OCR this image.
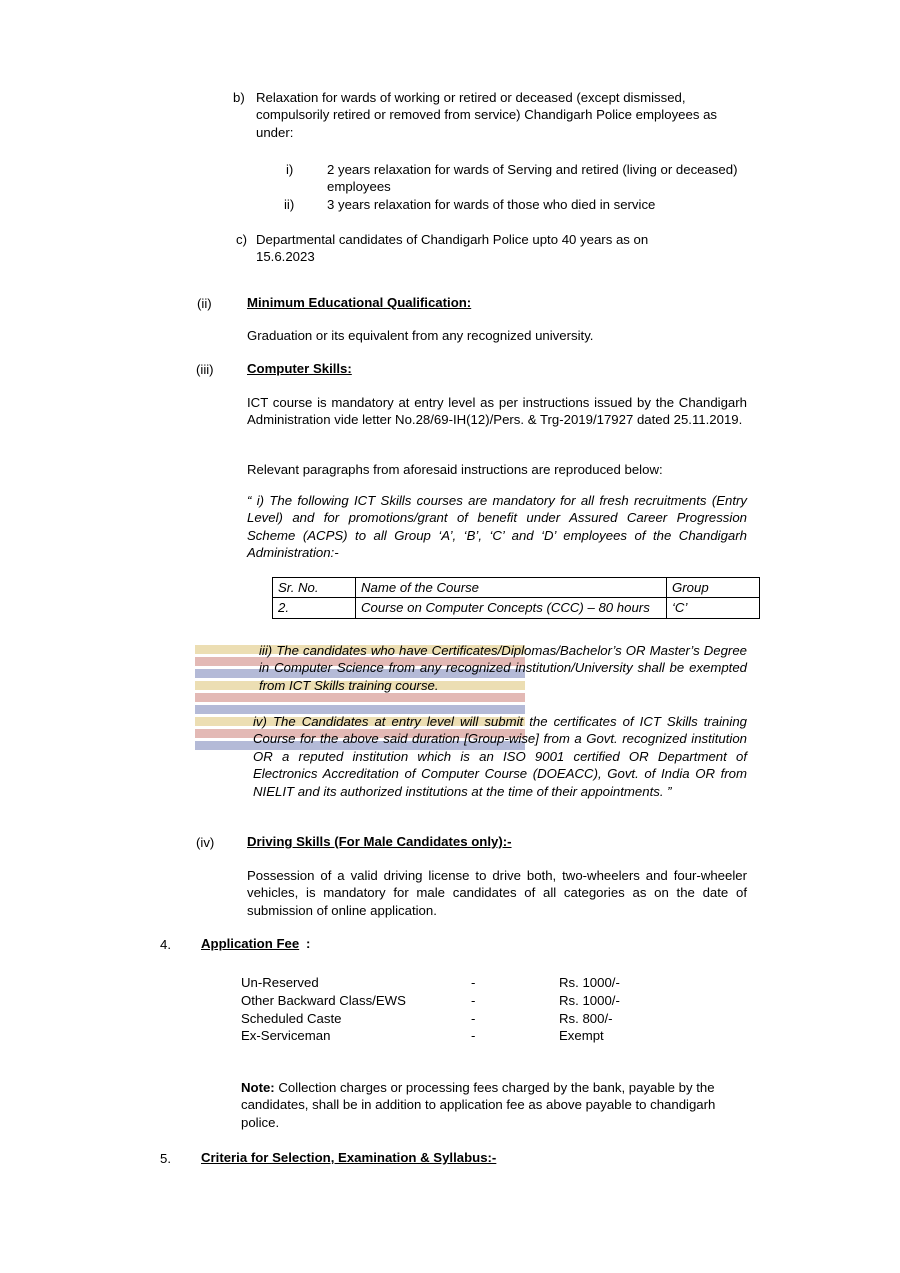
b) Relaxation for wards of working or retired or deceased (except dismissed, compulsorily retired or removed from service) Chandigarh Police employees as under:
i)	2 years relaxation for wards of Serving and retired (living or deceased) employees
ii)	3 years relaxation for wards of those who died in service
c) Departmental candidates of Chandigarh Police upto 40 years as on 15.6.2023
(ii)	Minimum Educational Qualification:
Graduation or its equivalent from any recognized university.
(iii)	Computer Skills:
ICT course is mandatory at entry level as per instructions issued by the Chandigarh Administration vide letter No.28/69-IH(12)/Pers. & Trg-2019/17927 dated 25.11.2019.
Relevant paragraphs from aforesaid instructions are reproduced below:
“ i) The following ICT Skills courses are mandatory for all fresh recruitments (Entry Level) and for promotions/grant of benefit under Assured Career Progression Scheme (ACPS) to all Group ‘A’, ‘B’, ‘C’ and ‘D’ employees of the Chandigarh Administration:-
Sr. No.	Name of the Course	Group
2.	Course on Computer Concepts (CCC) – 80 hours	‘C’
iii) The candidates who have Certificates/Diplomas/Bachelor’s OR Master’s Degree in Computer Science from any recognized institution/University shall be exempted from ICT Skills training course.
iv) The Candidates at entry level will submit the certificates of ICT Skills training Course for the above said duration [Group-wise] from a Govt. recognized institution OR a reputed institution which is an ISO 9001 certified OR Department of Electronics Accreditation of Computer Course (DOEACC), Govt. of India OR from NIELIT and its authorized institutions at the time of their appointments. ”
(iv)	Driving Skills (For Male Candidates only):-
Possession of a valid driving license to drive both, two-wheelers and four-wheeler vehicles, is mandatory for male candidates of all categories as on the date of submission of online application.
4.	Application Fee :
Un-Reserved	-	Rs. 1000/-
Other Backward Class/EWS	-	Rs. 1000/-
Scheduled Caste	-	Rs. 800/-
Ex-Serviceman	-	Exempt
Note: Collection charges or processing fees charged by the bank, payable by the candidates, shall be in addition to application fee as above payable to chandigarh police.
5.	Criteria for Selection, Examination & Syllabus:-
